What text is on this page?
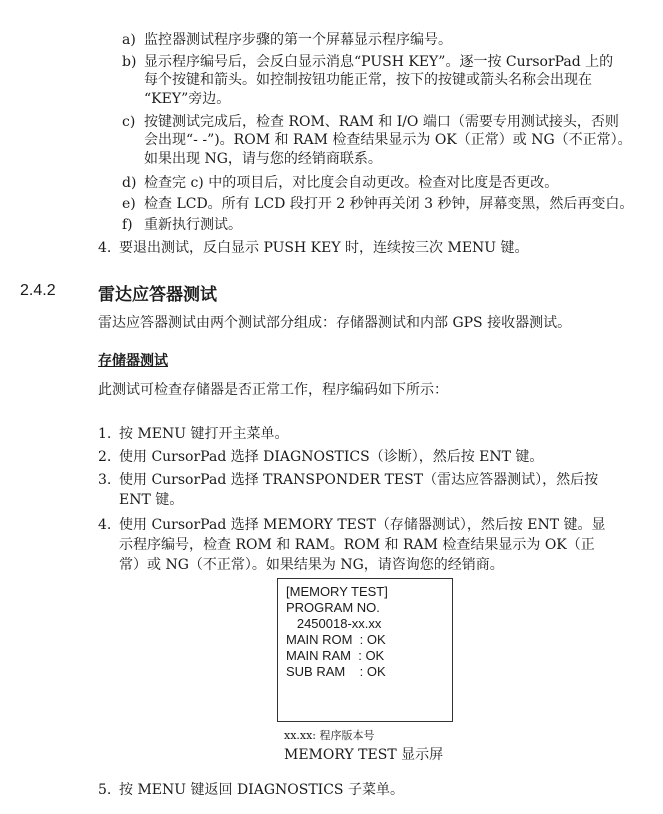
a) 监控器测试程序步骤的第一个屏幕显示程序编号。
b) 显示程序编号后，会反白显示消息“PUSH KEY”。逐一按 CursorPad 上的
每个按键和箭头。如控制按钮功能正常，按下的按键或箭头名称会出现在
“KEY”旁边。
c) 按键测试完成后，检查 ROM、RAM 和 I/O 端口（需要专用测试接头，否则
会出现“- -”)。ROM 和 RAM 检查结果显示为 OK（正常）或 NG（不正常）。
如果出现 NG，请与您的经销商联系。
d) 检查完 c) 中的项目后，对比度会自动更改。检查对比度是否更改。
e) 检查 LCD。所有 LCD 段打开 2 秒钟再关闭 3 秒钟，屏幕变黑，然后再变白。
f) 重新执行测试。
4. 要退出测试，反白显示 PUSH KEY 时，连续按三次 MENU 键。
2.4.2 雷达应答器测试
雷达应答器测试由两个测试部分组成：存储器测试和内部 GPS 接收器测试。
存储器测试
此测试可检查存储器是否正常工作，程序编码如下所示：
1. 按 MENU 键打开主菜单。
2. 使用 CursorPad 选择 DIAGNOSTICS（诊断），然后按 ENT 键。
3. 使用 CursorPad 选择 TRANSPONDER TEST（雷达应答器测试），然后按
ENT 键。
4. 使用 CursorPad 选择 MEMORY TEST（存储器测试），然后按 ENT 键。显
示程序编号，检查 ROM 和 RAM。ROM 和 RAM 检查结果显示为 OK（正
常）或 NG（不正常）。如果结果为 NG，请咨询您的经销商。
[MEMORY TEST]
PROGRAM NO.
2450018-xx.xx
MAIN ROM  : OK
MAIN RAM  : OK
SUB RAM    : OK
xx.xx: 程序版本号
MEMORY TEST 显示屏
5. 按 MENU 键返回 DIAGNOSTICS 子菜单。
